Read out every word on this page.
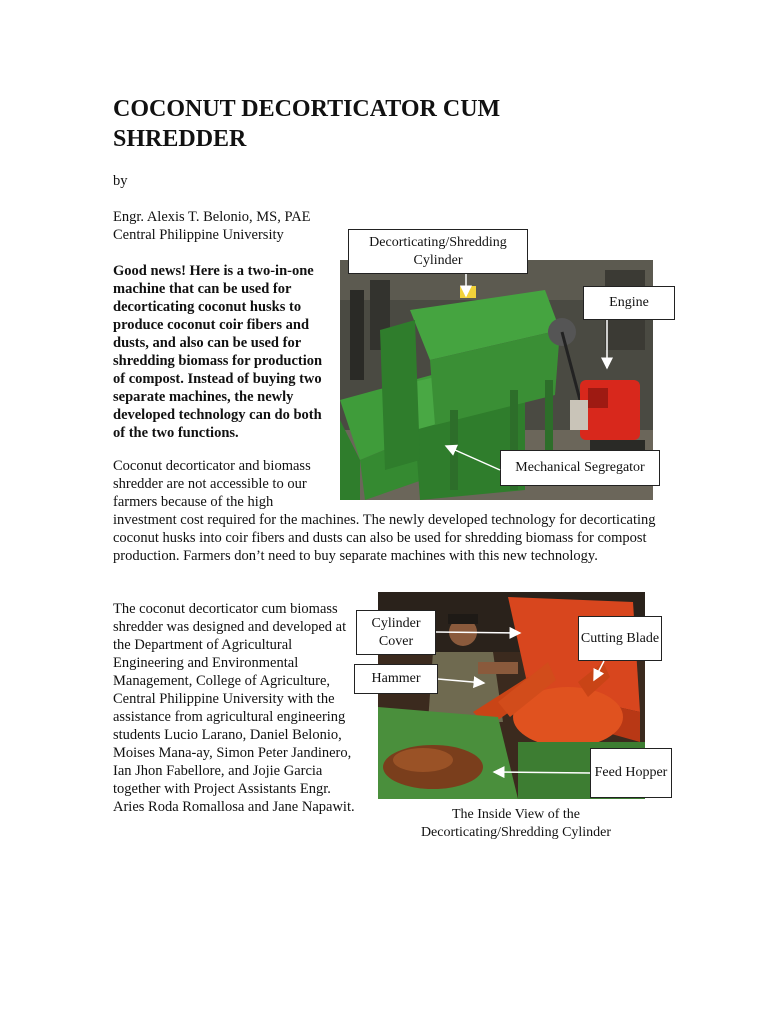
COCONUT DECORTICATOR CUM SHREDDER
by
Engr. Alexis T. Belonio, MS, PAE
Central Philippine University
Good news! Here is a two-in-one machine that can be used for decorticating coconut husks to produce coconut coir fibers and dusts, and also can be used for shredding biomass for production of compost. Instead of buying two separate machines, the newly developed technology can do both of the two functions.
Coconut decorticator and biomass shredder are not accessible to our farmers because of the high
investment cost required for the machines. The newly developed technology for decorticating coconut husks into coir fibers and dusts can also be used for shredding biomass for compost production. Farmers don’t need to buy separate machines with this new technology.
The coconut decorticator cum biomass shredder was designed and developed at the Department of Agricultural Engineering and Environmental Management, College of Agriculture, Central Philippine University with the assistance from agricultural engineering students Lucio Larano, Daniel Belonio, Moises Mana-ay, Simon Peter Jandinero, Ian Jhon Fabellore, and Jojie Garcia together with Project Assistants Engr. Aries Roda Romallosa and Jane Napawit.
Decorticating/Shredding Cylinder
Engine
Mechanical Segregator
Cylinder Cover	Cutting Blade
Hammer
Feed Hopper
The Inside View of the Decorticating/Shredding Cylinder
